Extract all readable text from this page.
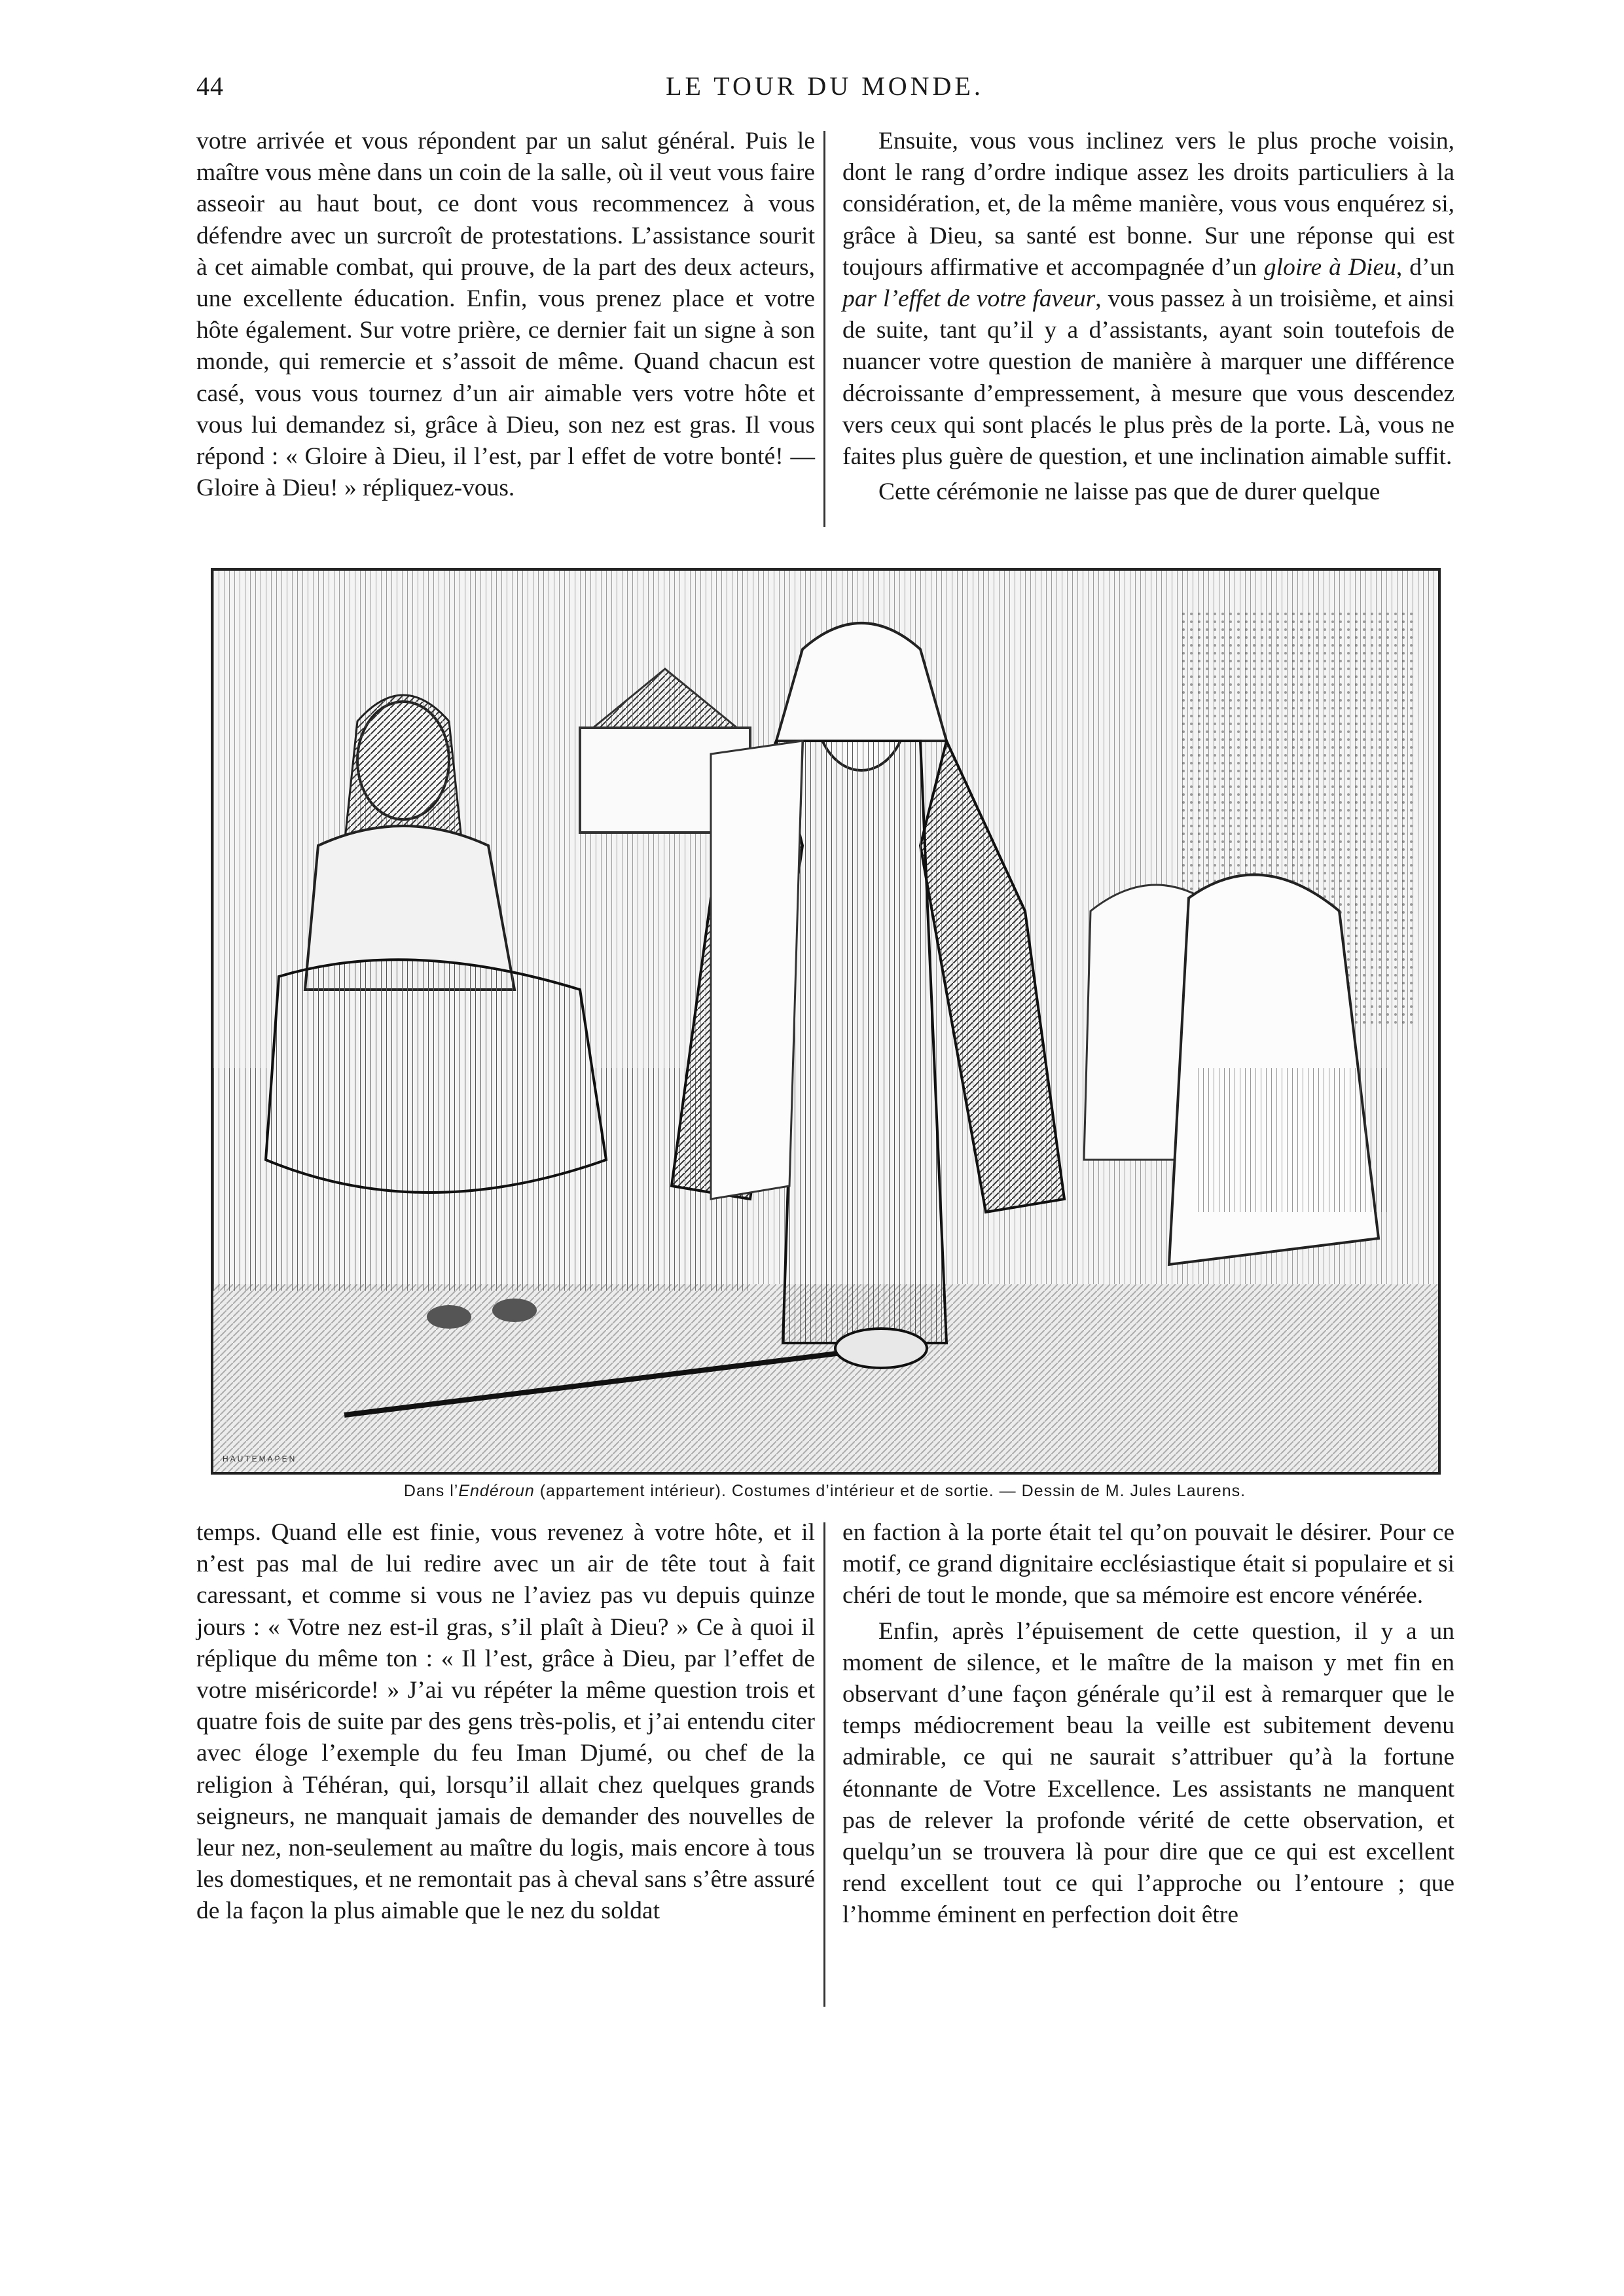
44	LE TOUR DU MONDE.

votre arrivée et vous répondent par un salut général. Puis le maître vous mène dans un coin de la salle, où il veut vous faire asseoir au haut bout, ce dont vous recommencez à vous défendre avec un surcroît de protestations. L’assistance sourit à cet aimable combat, qui prouve, de la part des deux acteurs, une excellente éducation. Enfin, vous prenez place et votre hôte également. Sur votre prière, ce dernier fait un signe à son monde, qui remercie et s’assoit de même. Quand chacun est casé, vous vous tournez d’un air aimable vers votre hôte et vous lui demandez si, grâce à Dieu, son nez est gras. Il vous répond : « Gloire à Dieu, il l’est, par l effet de votre bonté! — Gloire à Dieu! » répliquez-vous.

Ensuite, vous vous inclinez vers le plus proche voisin, dont le rang d’ordre indique assez les droits particuliers à la considération, et, de la même manière, vous vous enquérez si, grâce à Dieu, sa santé est bonne. Sur une réponse qui est toujours affirmative et accompagnée d’un gloire à Dieu, d’un par l’effet de votre faveur, vous passez à un troisième, et ainsi de suite, tant qu’il y a d’assistants, ayant soin toutefois de nuancer votre question de manière à marquer une différence décroissante d’empressement, à mesure que vous descendez vers ceux qui sont placés le plus près de la porte. Là, vous ne faites plus guère de question, et une inclination aimable suffit.

Cette cérémonie ne laisse pas que de durer quelque

HAUTEMAPEN
Dans l’Endéroun (appartement intérieur). Costumes d’intérieur et de sortie. — Dessin de M. Jules Laurens.

temps. Quand elle est finie, vous revenez à votre hôte, et il n’est pas mal de lui redire avec un air de tête tout à fait caressant, et comme si vous ne l’aviez pas vu depuis quinze jours : « Votre nez est-il gras, s’il plaît à Dieu? » Ce à quoi il réplique du même ton : « Il l’est, grâce à Dieu, par l’effet de votre miséricorde! » J’ai vu répéter la même question trois et quatre fois de suite par des gens très-polis, et j’ai entendu citer avec éloge l’exemple du feu Iman Djumé, ou chef de la religion à Téhéran, qui, lorsqu’il allait chez quelques grands seigneurs, ne manquait jamais de demander des nouvelles de leur nez, non-seulement au maître du logis, mais encore à tous les domestiques, et ne remontait pas à cheval sans s’être assuré de la façon la plus aimable que le nez du soldat

en faction à la porte était tel qu’on pouvait le désirer. Pour ce motif, ce grand dignitaire ecclésiastique était si populaire et si chéri de tout le monde, que sa mémoire est encore vénérée.

Enfin, après l’épuisement de cette question, il y a un moment de silence, et le maître de la maison y met fin en observant d’une façon générale qu’il est à remarquer que le temps médiocrement beau la veille est subitement devenu admirable, ce qui ne saurait s’attribuer qu’à la fortune étonnante de Votre Excellence. Les assistants ne manquent pas de relever la profonde vérité de cette observation, et quelqu’un se trouvera là pour dire que ce qui est excellent rend excellent tout ce qui l’approche ou l’entoure ; que l’homme éminent en perfection doit être
